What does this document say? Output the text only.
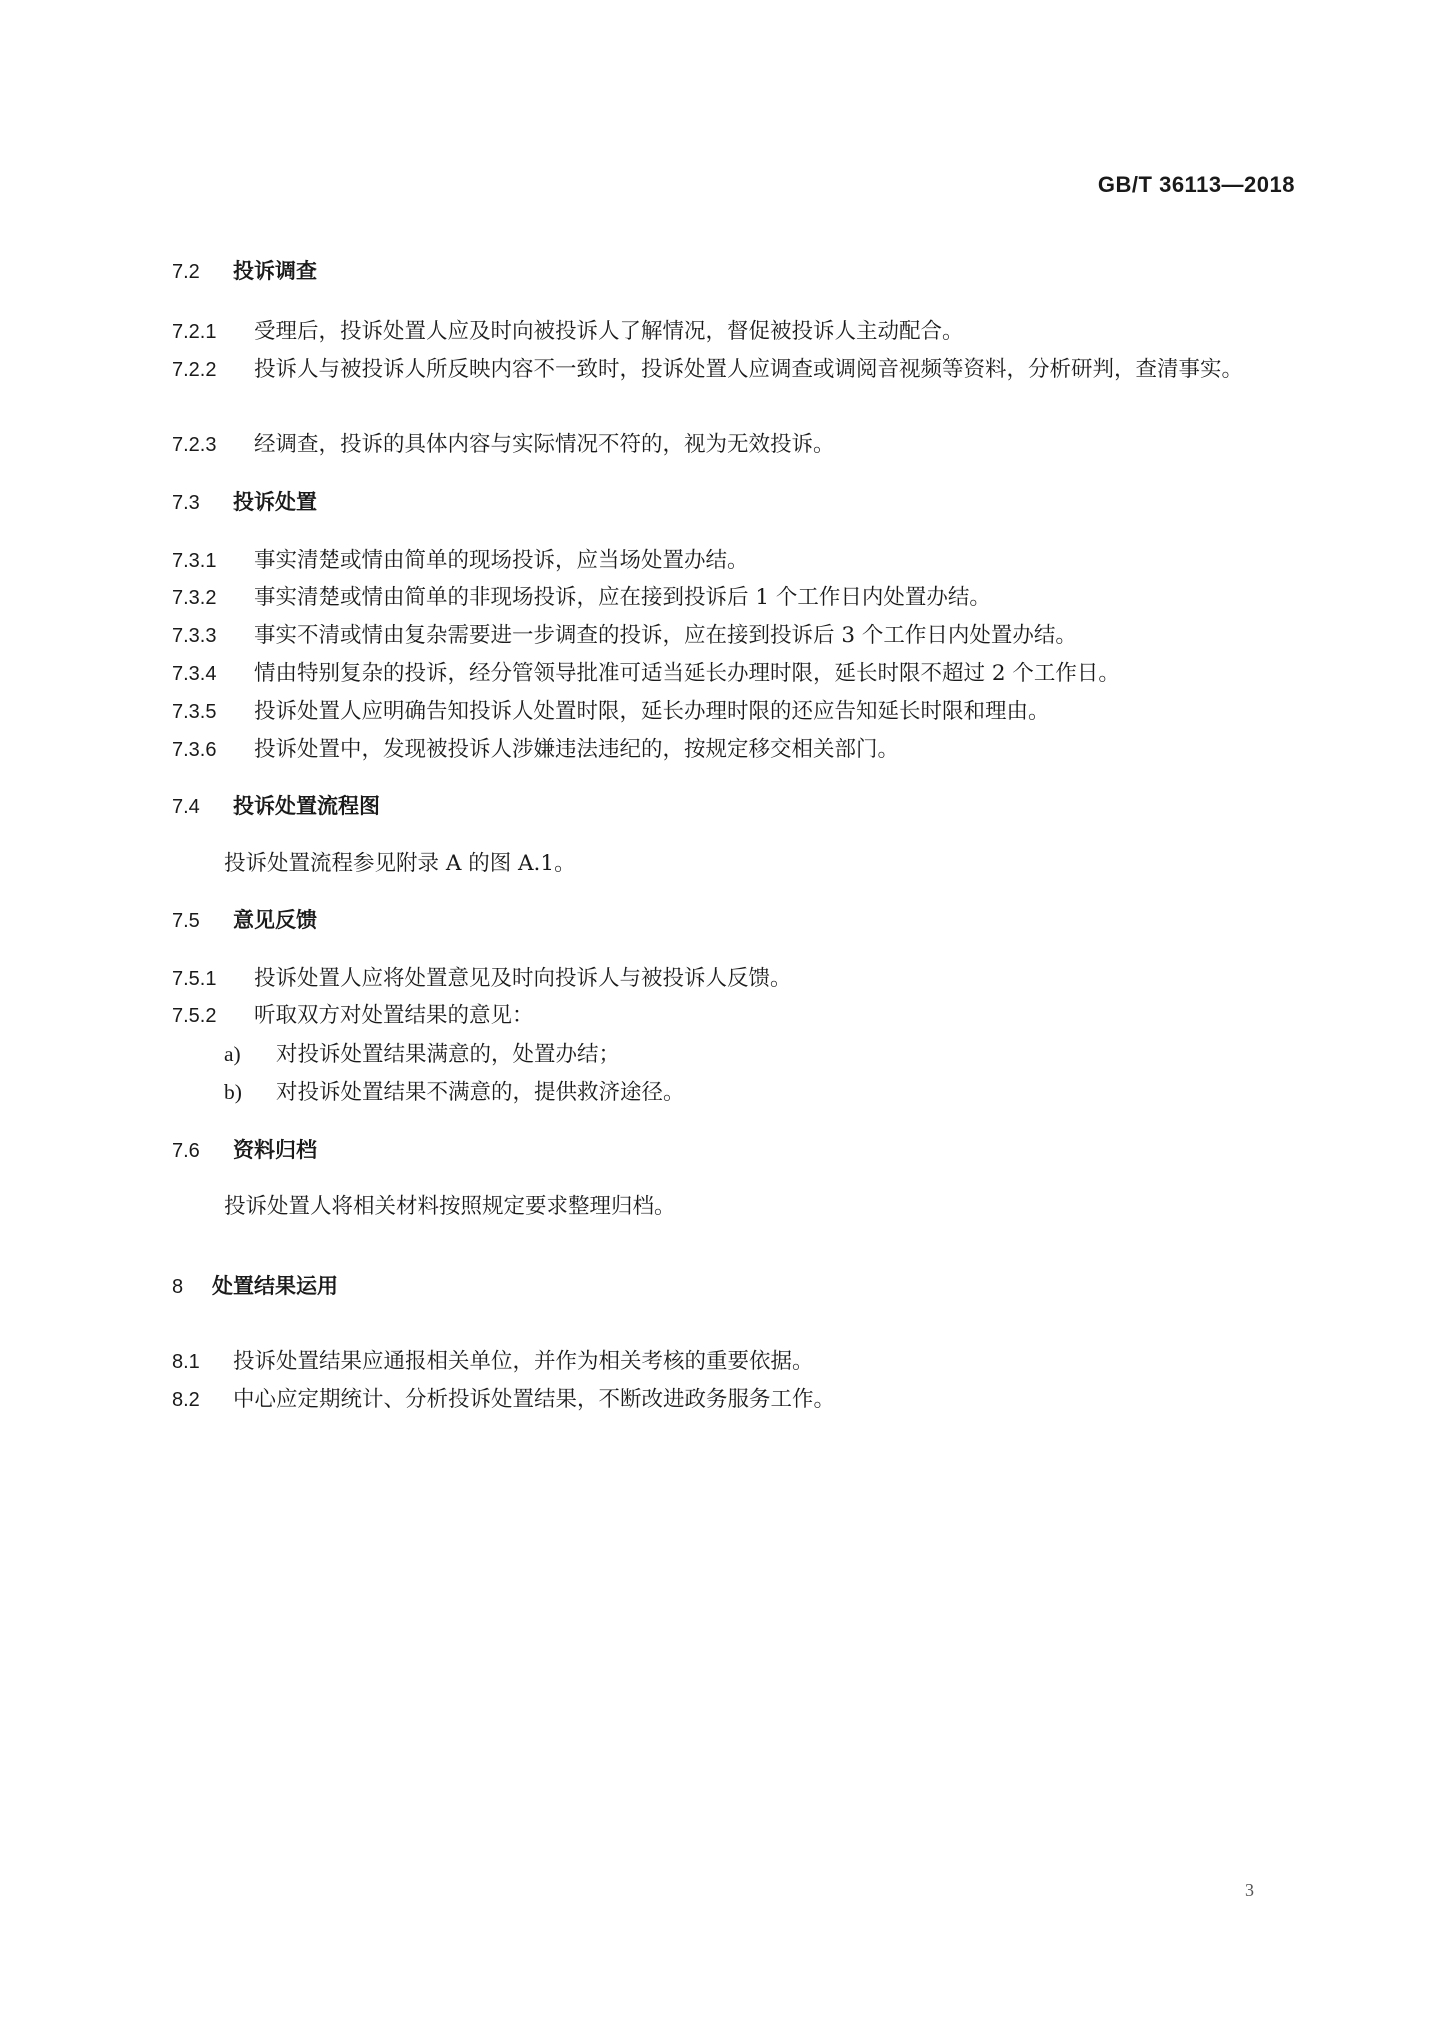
GB/T 36113—2018
7.2 投诉调查
7.2.1 受理后，投诉处置人应及时向被投诉人了解情况，督促被投诉人主动配合。
7.2.2 投诉人与被投诉人所反映内容不一致时，投诉处置人应调查或调阅音视频等资料，分析研判，查清事实。
7.2.3 经调查，投诉的具体内容与实际情况不符的，视为无效投诉。
7.3 投诉处置
7.3.1 事实清楚或情由简单的现场投诉，应当场处置办结。
7.3.2 事实清楚或情由简单的非现场投诉，应在接到投诉后 1 个工作日内处置办结。
7.3.3 事实不清或情由复杂需要进一步调查的投诉，应在接到投诉后 3 个工作日内处置办结。
7.3.4 情由特别复杂的投诉，经分管领导批准可适当延长办理时限，延长时限不超过 2 个工作日。
7.3.5 投诉处置人应明确告知投诉人处置时限，延长办理时限的还应告知延长时限和理由。
7.3.6 投诉处置中，发现被投诉人涉嫌违法违纪的，按规定移交相关部门。
7.4 投诉处置流程图
投诉处置流程参见附录 A 的图 A.1。
7.5 意见反馈
7.5.1 投诉处置人应将处置意见及时向投诉人与被投诉人反馈。
7.5.2 听取双方对处置结果的意见：
a) 对投诉处置结果满意的，处置办结；
b) 对投诉处置结果不满意的，提供救济途径。
7.6 资料归档
投诉处置人将相关材料按照规定要求整理归档。
8 处置结果运用
8.1 投诉处置结果应通报相关单位，并作为相关考核的重要依据。
8.2 中心应定期统计、分析投诉处置结果，不断改进政务服务工作。
3
